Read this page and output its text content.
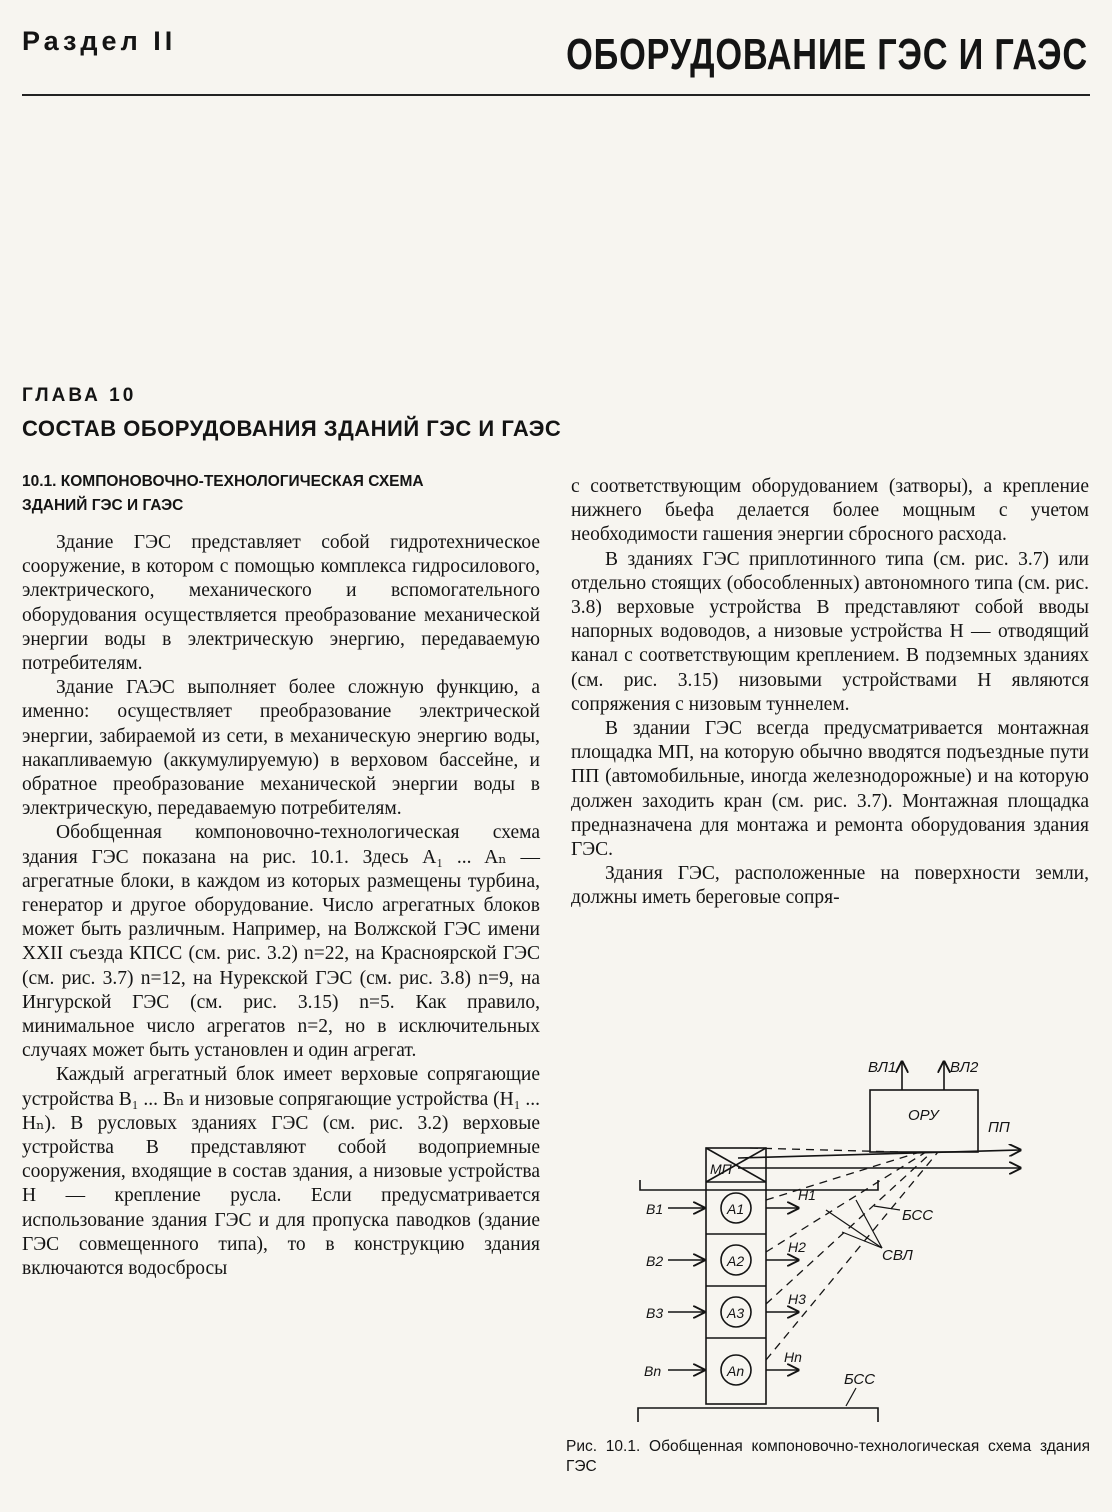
Раздел II	ОБОРУДОВАНИЕ ГЭС И ГАЭС
ГЛАВА 10
СОСТАВ ОБОРУДОВАНИЯ ЗДАНИЙ ГЭС И ГАЭС
10.1. КОМПОНОВОЧНО-ТЕХНОЛОГИЧЕСКАЯ СХЕМА
ЗДАНИЙ ГЭС И ГАЭС

Здание ГЭС представляет собой гидротехническое сооружение, в котором с помощью комплекса гидросилового, электрического, механического и вспомогательного оборудования осуществляется преобразование механической энергии воды в электрическую энергию, передаваемую потребителям.

Здание ГАЭС выполняет более сложную функцию, а именно: осуществляет преобразование электрической энергии, забираемой из сети, в механическую энергию воды, накапливаемую (аккумулируемую) в верховом бассейне, и обратное преобразование механической энергии воды в электрическую, передаваемую потребителям.

Обобщенная компоновочно-технологическая схема здания ГЭС показана на рис. 10.1. Здесь A₁ ... Aₙ — агрегатные блоки, в каждом из которых размещены турбина, генератор и другое оборудование. Число агрегатных блоков может быть различным. Например, на Волжской ГЭС имени XXII съезда КПСС (см. рис. 3.2) n=22, на Красноярской ГЭС (см. рис. 3.7) n=12, на Нурекской ГЭС (см. рис. 3.8) n=9, на Ингурской ГЭС (см. рис. 3.15) n=5. Как правило, минимальное число агрегатов n=2, но в исключительных случаях может быть установлен и один агрегат.

Каждый агрегатный блок имеет верховые сопрягающие устройства B₁ ... Bₙ и низовые сопрягающие устройства (H₁ ... Hₙ). В русловых зданиях ГЭС (см. рис. 3.2) верховые устройства B представляют собой водоприемные сооружения, входящие в состав здания, а низовые устройства H — крепление русла. Если предусматривается использование здания ГЭС и для пропуска паводков (здание ГЭС совмещенного типа), то в конструкцию здания включаются водосбросы

с соответствующим оборудованием (затворы), а крепление нижнего бьефа делается более мощным с учетом необходимости гашения энергии сбросного расхода.

В зданиях ГЭС приплотинного типа (см. рис. 3.7) или отдельно стоящих (обособленных) автономного типа (см. рис. 3.8) верховые устройства B представляют собой вводы напорных водоводов, а низовые устройства H — отводящий канал с соответствующим креплением. В подземных зданиях (см. рис. 3.15) низовыми устройствами H являются сопряжения с низовым туннелем.

В здании ГЭС всегда предусматривается монтажная площадка МП, на которую обычно вводятся подъездные пути ПП (автомобильные, иногда железнодорожные) и на которую должен заходить кран (см. рис. 3.7). Монтажная площадка предназначена для монтажа и ремонта оборудования здания ГЭС.

Здания ГЭС, расположенные на поверхности земли, должны иметь береговые сопря-

ВЛ1	ВЛ2
ОРУ
ПП
МП
БСС
СВЛ
БСС
A1
A2
A3
An
B1
B2
B3
Bn
H1
H2
H3
Hn
Рис. 10.1. Обобщенная компоновочно-технологическая схема здания ГЭС
